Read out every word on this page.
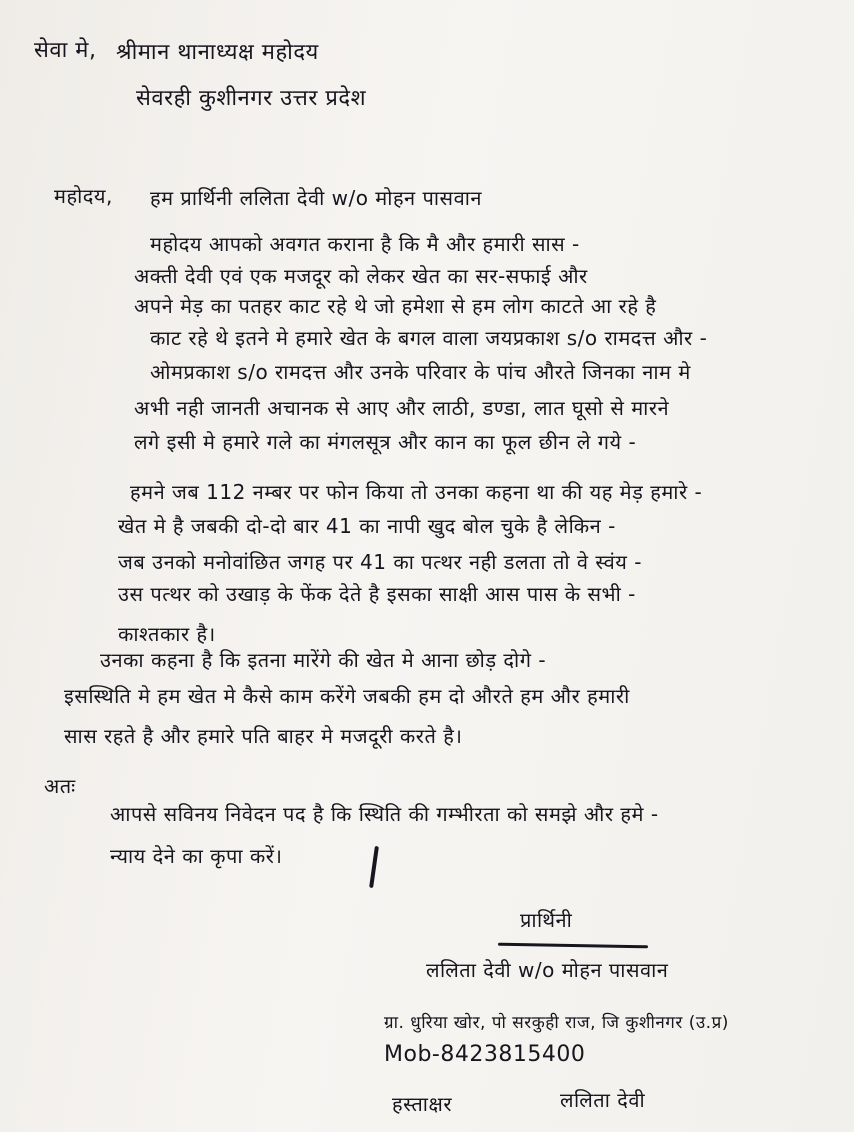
सेवा मे, श्रीमान थानाध्यक्ष महोदय
सेवरही कुशीनगर उत्तर प्रदेश
महोदय, हम प्रार्थिनी ललिता देवी w/o मोहन पासवान
महोदय आपको अवगत कराना है कि मै और हमारी सास -
अक्ती देवी एवं एक मजदूर को लेकर खेत का सर-सफाई और
अपने मेड़ का पतहर काट रहे थे जो हमेशा से हम लोग काटते आ रहे है
काट रहे थे इतने मे हमारे खेत के बगल वाला जयप्रकाश s/o रामदत्त और -
ओमप्रकाश s/o रामदत्त और उनके परिवार के पांच औरते जिनका नाम मे
अभी नही जानती अचानक से आए और लाठी, डण्डा, लात घूसो से मारने
लगे इसी मे हमारे गले का मंगलसूत्र और कान का फूल छीन ले गये -
हमने जब 112 नम्बर पर फोन किया तो उनका कहना था की यह मेड़ हमारे -
खेत मे है जबकी दो-दो बार 41 का नापी खुद बोल चुके है लेकिन -
जब उनको मनोवांछित जगह पर 41 का पत्थर नही डलता तो वे स्वंय -
उस पत्थर को उखाड़ के फेंक देते है इसका साक्षी आस पास के सभी -
काश्तकार है।
उनका कहना है कि इतना मारेंगे की खेत मे आना छोड़ दोगे -
इसस्थिति मे हम खेत मे कैसे काम करेंगे जबकी हम दो औरते हम और हमारी
सास रहते है और हमारे पति बाहर मे मजदूरी करते है।
अतः
आपसे सविनय निवेदन पद है कि स्थिति की गम्भीरता को समझे और हमे -
न्याय देने का कृपा करें।
प्रार्थिनी
ललिता देवी w/o मोहन पासवान
ग्रा. धुरिया खोर, पो सरकुही राज, जि कुशीनगर (उ.प्र)
Mob-8423815400
हस्ताक्षर	ललिता देवी
